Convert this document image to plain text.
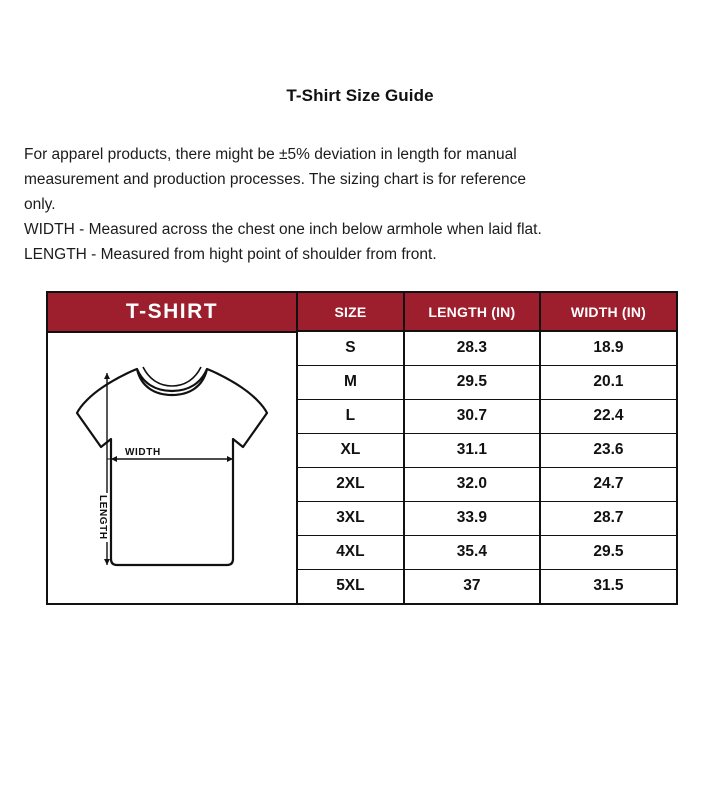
T-Shirt Size Guide

For apparel products, there might be ±5% deviation in length for manual

measurement and production processes. The sizing chart is for reference

only.

WIDTH - Measured across the chest one inch below armhole when laid flat.

LENGTH - Measured from hight point of shoulder from front.

T-SHIRT
WIDTH
LENGTH
SIZE	LENGTH (IN)	WIDTH (IN)
S	28.3	18.9
M	29.5	20.1
L	30.7	22.4
XL	31.1	23.6
2XL	32.0	24.7
3XL	33.9	28.7
4XL	35.4	29.5
5XL	37	31.5
